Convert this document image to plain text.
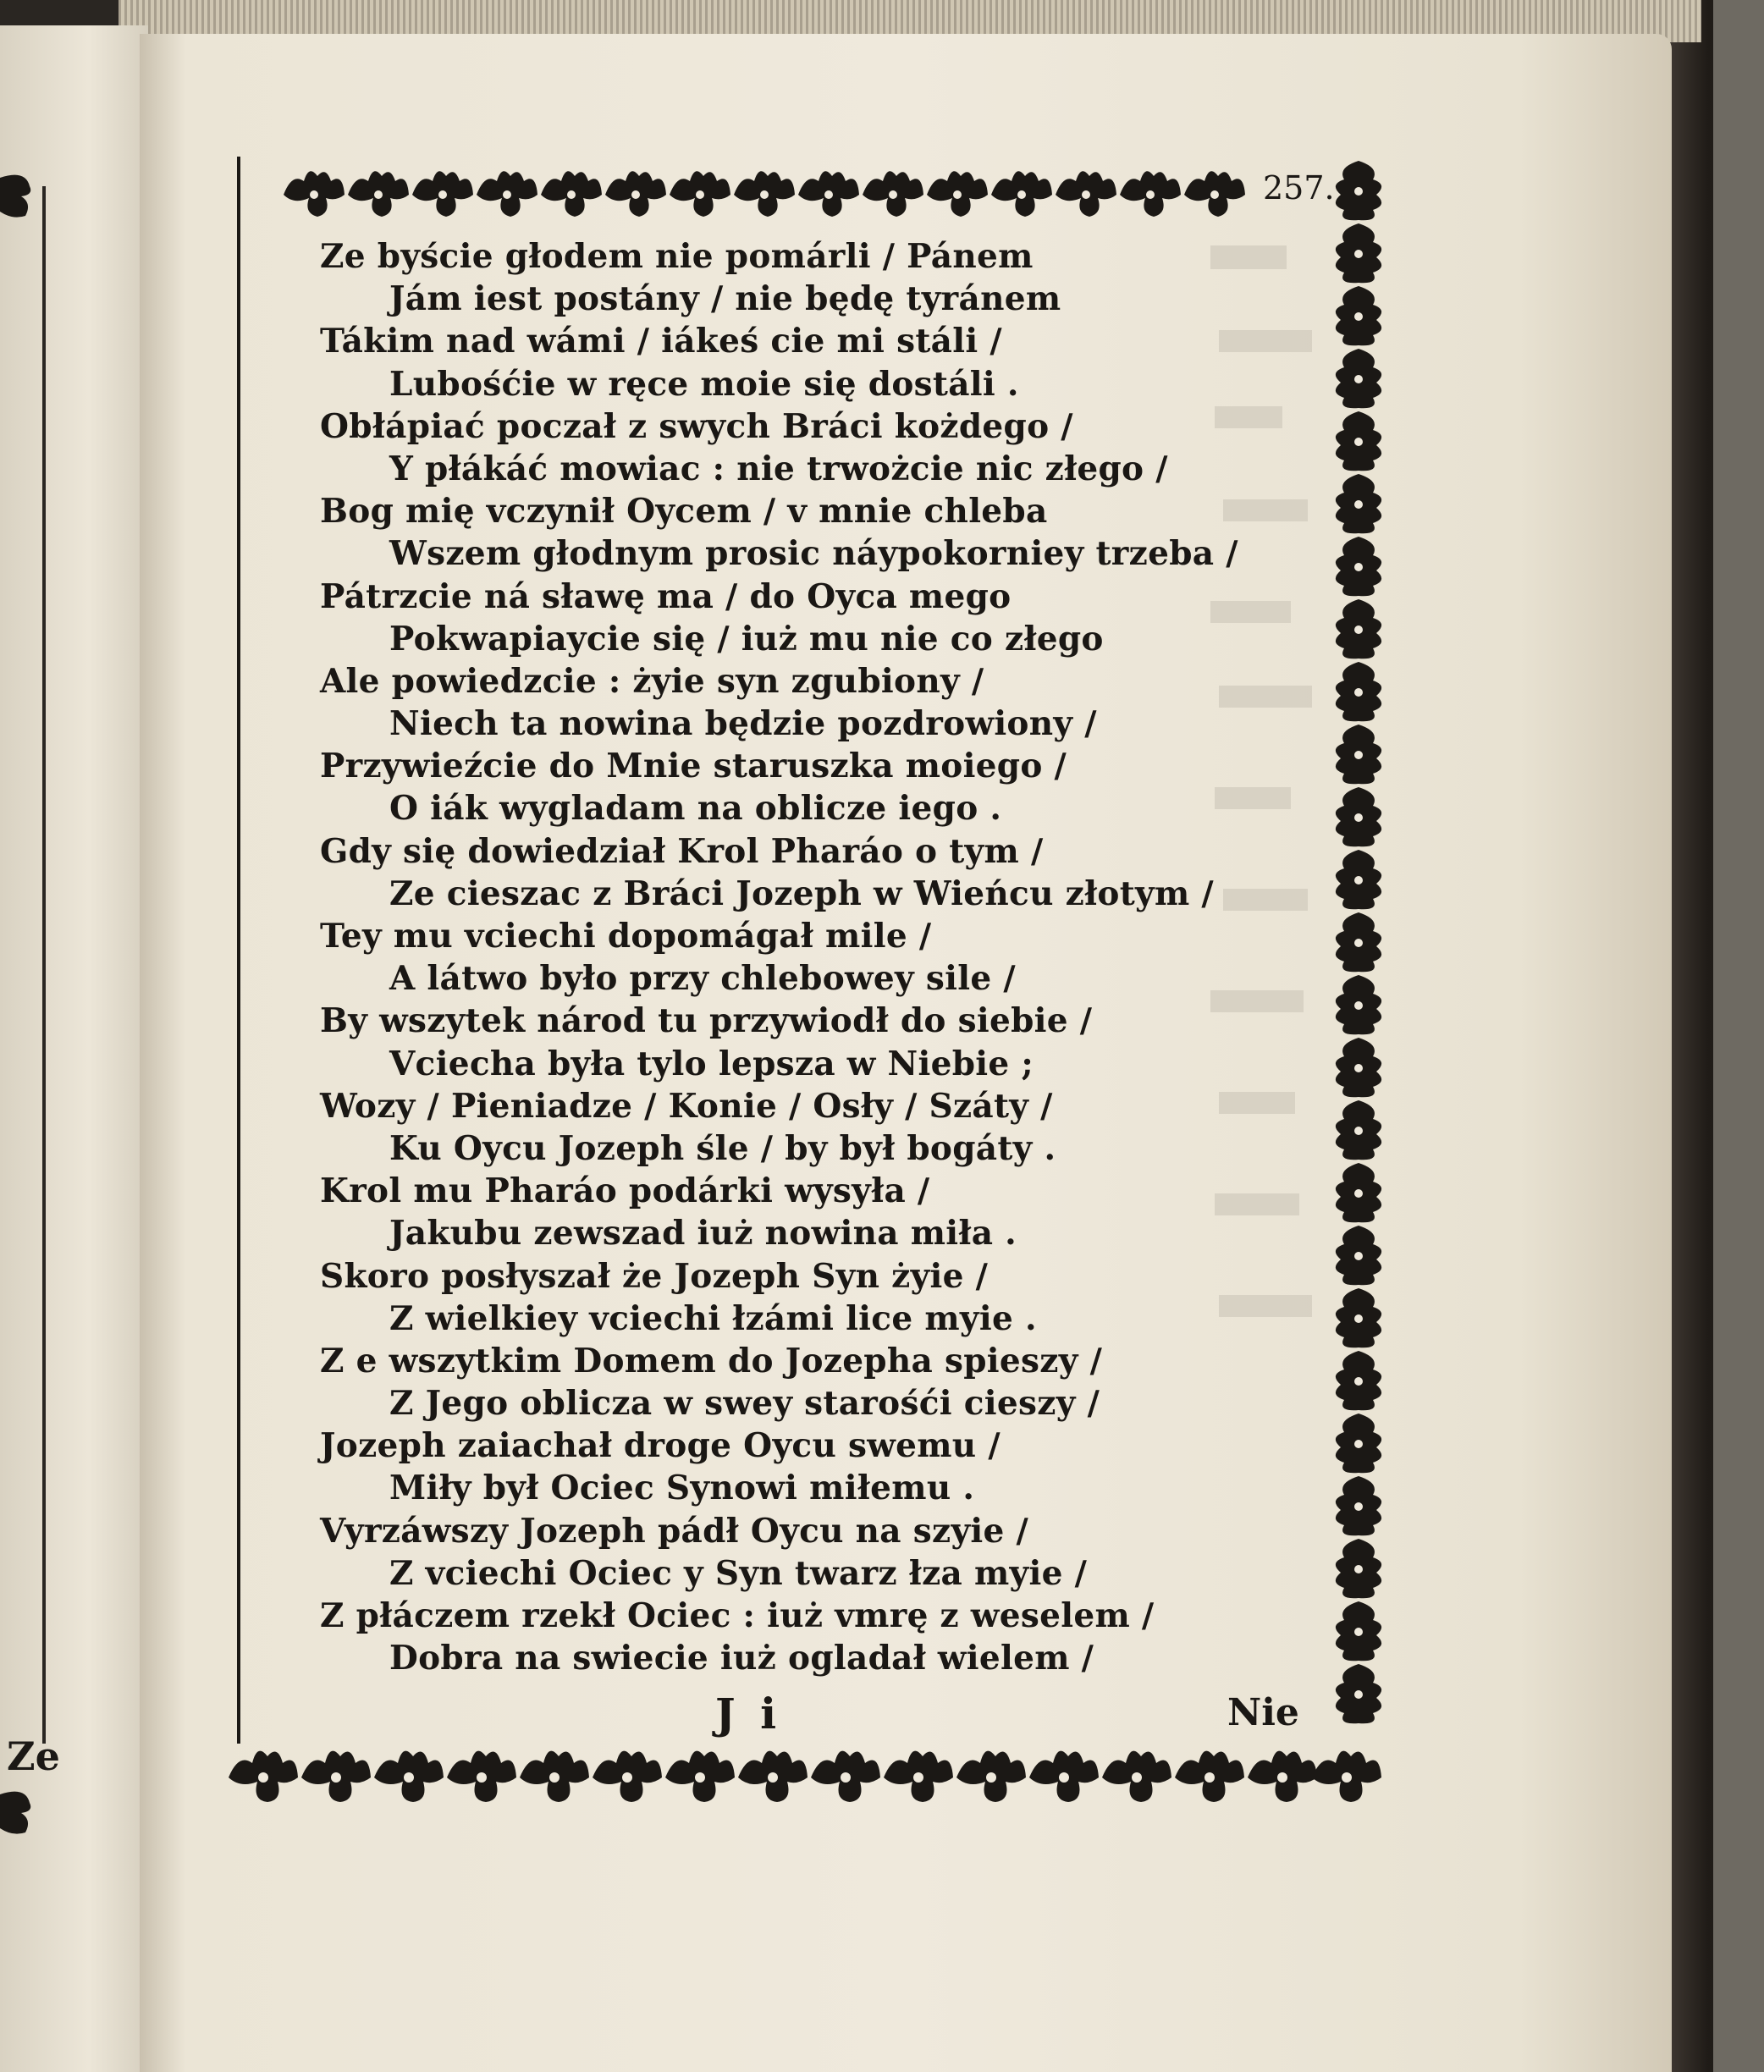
Ze
257.
Ze byście głodem nie pomárli / Pánem
Jám iest postány / nie będę tyránem
Tákim nad wámi / iákeś cie mi stáli /
Lubośćie w ręce moie się dostáli .
Obłápiać poczał z swych Bráci kożdego /
Y płákáć mowiac : nie trwożcie nic złego /
Bog mię vczynił Oycem / v mnie chleba
Wszem głodnym prosic náypokorniey trzeba /
Pátrzcie ná sławę ma / do Oyca mego
Pokwapiaycie się / iuż mu nie co złego
Ale powiedzcie : żyie syn zgubiony /
Niech ta nowina będzie pozdrowiony /
Przywieźcie do Mnie staruszka moiego /
O iák wygladam na oblicze iego .
Gdy się dowiedział Krol Pharáo o tym /
Ze cieszac z Bráci Jozeph w Wieńcu złotym /
Tey mu vciechi dopomágał mile /
A látwo było przy chlebowey sile /
By wszytek národ tu przywiodł do siebie /
Vciecha była tylo lepsza w Niebie ;
Wozy / Pieniadze / Konie / Osły / Száty /
Ku Oycu Jozeph śle / by był bogáty .
Krol mu Pharáo podárki wysyła /
Jakubu zewszad iuż nowina miła .
Skoro posłyszał że Jozeph Syn żyie /
Z wielkiey vciechi łzámi lice myie .
Z e wszytkim Domem do Jozepha spieszy /
Z Jego oblicza w swey starośći cieszy /
Jozeph zaiachał droge Oycu swemu /
Miły był Ociec Synowi miłemu .
Vyrzáwszy Jozeph pádł Oycu na szyie /
Z vciechi Ociec y Syn twarz łza myie /
Z płáczem rzekł Ociec : iuż vmrę z weselem /
Dobra na swiecie iuż ogladał wielem /
J i	Nie
